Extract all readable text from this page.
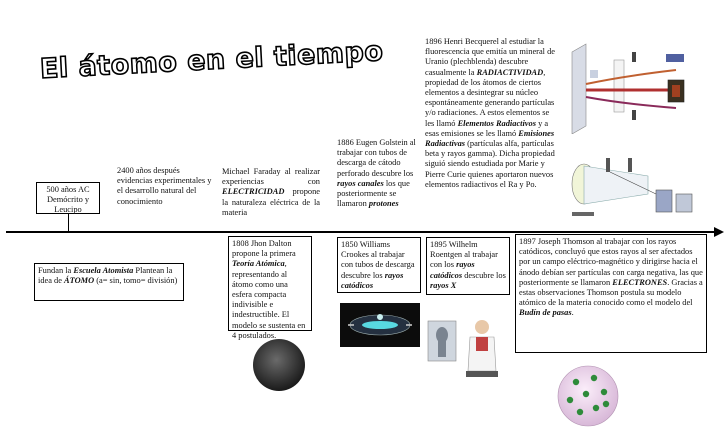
El átomo en el tiempo
500 años AC Demócrito y Leucipo
2400 años después evidencias experimentales y el desarrollo natural del conocimiento
Michael Faraday al realizar experiencias con ELECTRICIDAD propone la naturaleza eléctrica de la materia
1886 Eugen Golstein al trabajar con tubos de descarga de cátodo perforado descubre los rayos canales los que posteriormente se llamaron protones
1896 Henri Becquerel al estudiar la fluorescencia que emitía un mineral de Uranio (plechblenda) descubre casualmente la RADIACTIVIDAD, propiedad de los átomos de ciertos elementos a desintegrar su núcleo espontáneamente generando partículas y/o radiaciones. A estos elementos se les llamó Elementos Radiactivos y a esas emisiones se les llamó Emisiones Radiactivas (partículas alfa, partículas beta y rayos gamma). Dicha propiedad siguió siendo estudiada por Marie y Pierre Curie quienes aportaron nuevos elementos radiactivos el Ra y Po.
Fundan la Escuela Atomista Plantean la idea de ÁTOMO (a= sin, tomo= división)
1808 Jhon Dalton propone la primera Teoría Atómica, representando al átomo como una esfera compacta indivisible e indestructible. El modelo se sustenta en 4 postulados.
1850 Williams Crookes al trabajar con tubos de descarga descubre los rayos catódicos
1895 Wilhelm Roentgen al trabajar con los rayos catódicos descubre los rayos X
1897 Joseph Thomson al trabajar con los rayos catódicos, concluyó que estos rayos al ser afectados por un campo eléctrico-magnético y dirigirse hacia el ánodo debían ser partículas con carga negativa, las que posteriormente se llamaron ELECTRONES. Gracias a estas observaciones Thomson postula su modelo atómico de la materia conocido como el modelo del Budín de pasas.
